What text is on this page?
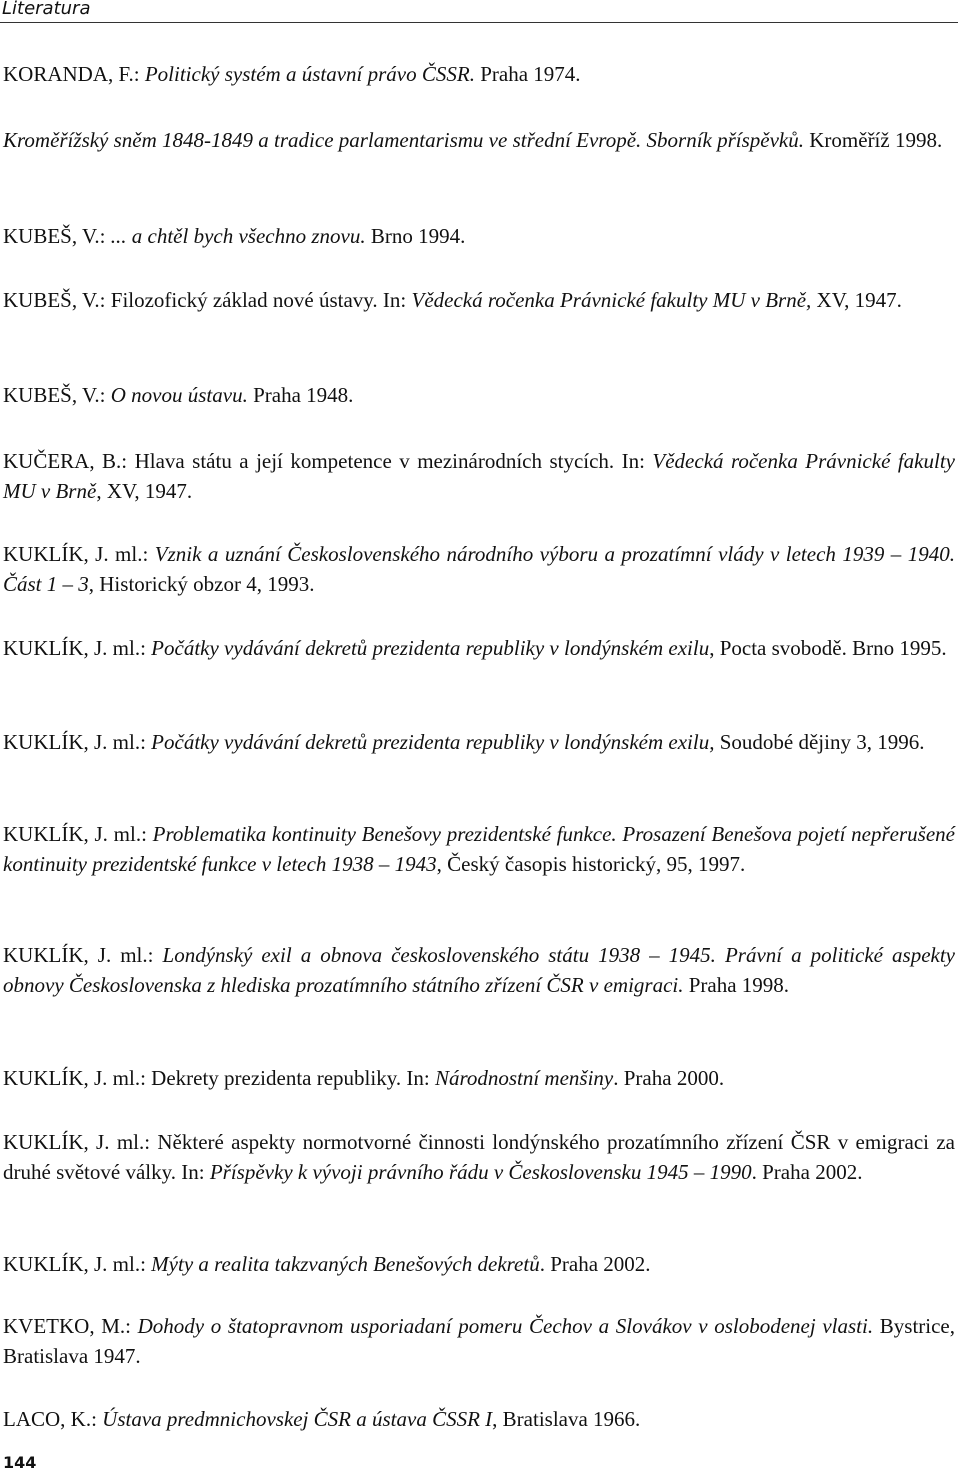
Literatura

KORANDA, F.: Politický systém a ústavní právo ČSSR. Praha 1974.

Kroměřížský sněm 1848-1849 a tradice parlamentarismu ve střední Evropě. Sborník příspěvků. Kroměříž 1998.

KUBEŠ, V.: ... a chtěl bych všechno znovu. Brno 1994.

KUBEŠ, V.: Filozofický základ nové ústavy. In: Vědecká ročenka Právnické fakulty MU v Brně, XV, 1947.

KUBEŠ, V.: O novou ústavu. Praha 1948.

KUČERA, B.: Hlava státu a její kompetence v mezinárodních stycích. In: Vědecká ročenka Právnické fakulty MU v Brně, XV, 1947.

KUKLÍK, J. ml.: Vznik a uznání Československého národního výboru a prozatímní vlády v letech 1939 – 1940. Část 1 – 3, Historický obzor 4, 1993.

KUKLÍK, J. ml.: Počátky vydávání dekretů prezidenta republiky v londýnském exilu, Pocta svobodě. Brno 1995.

KUKLÍK, J. ml.: Počátky vydávání dekretů prezidenta republiky v londýnském exilu, Soudobé dějiny 3, 1996.

KUKLÍK, J. ml.: Problematika kontinuity Benešovy prezidentské funkce. Prosazení Benešova pojetí nepřerušené kontinuity prezidentské funkce v letech 1938 – 1943, Český časopis historický, 95, 1997.

KUKLÍK, J. ml.: Londýnský exil a obnova československého státu 1938 – 1945. Právní a politické aspekty obnovy Československa z hlediska prozatímního státního zřízení ČSR v emigraci. Praha 1998.

KUKLÍK, J. ml.: Dekrety prezidenta republiky. In: Národnostní menšiny. Praha 2000.

KUKLÍK, J. ml.: Některé aspekty normotvorné činnosti londýnského prozatímního zřízení ČSR v emigraci za druhé světové války. In: Příspěvky k vývoji právního řádu v Československu 1945 – 1990. Praha 2002.

KUKLÍK, J. ml.: Mýty a realita takzvaných Benešových dekretů. Praha 2002.

KVETKO, M.: Dohody o štatopravnom usporiadaní pomeru Čechov a Slovákov v oslobodenej vlasti. Bystrice, Bratislava 1947.

LACO, K.: Ústava predmnichovskej ČSR a ústava ČSSR I, Bratislava 1966.

144
